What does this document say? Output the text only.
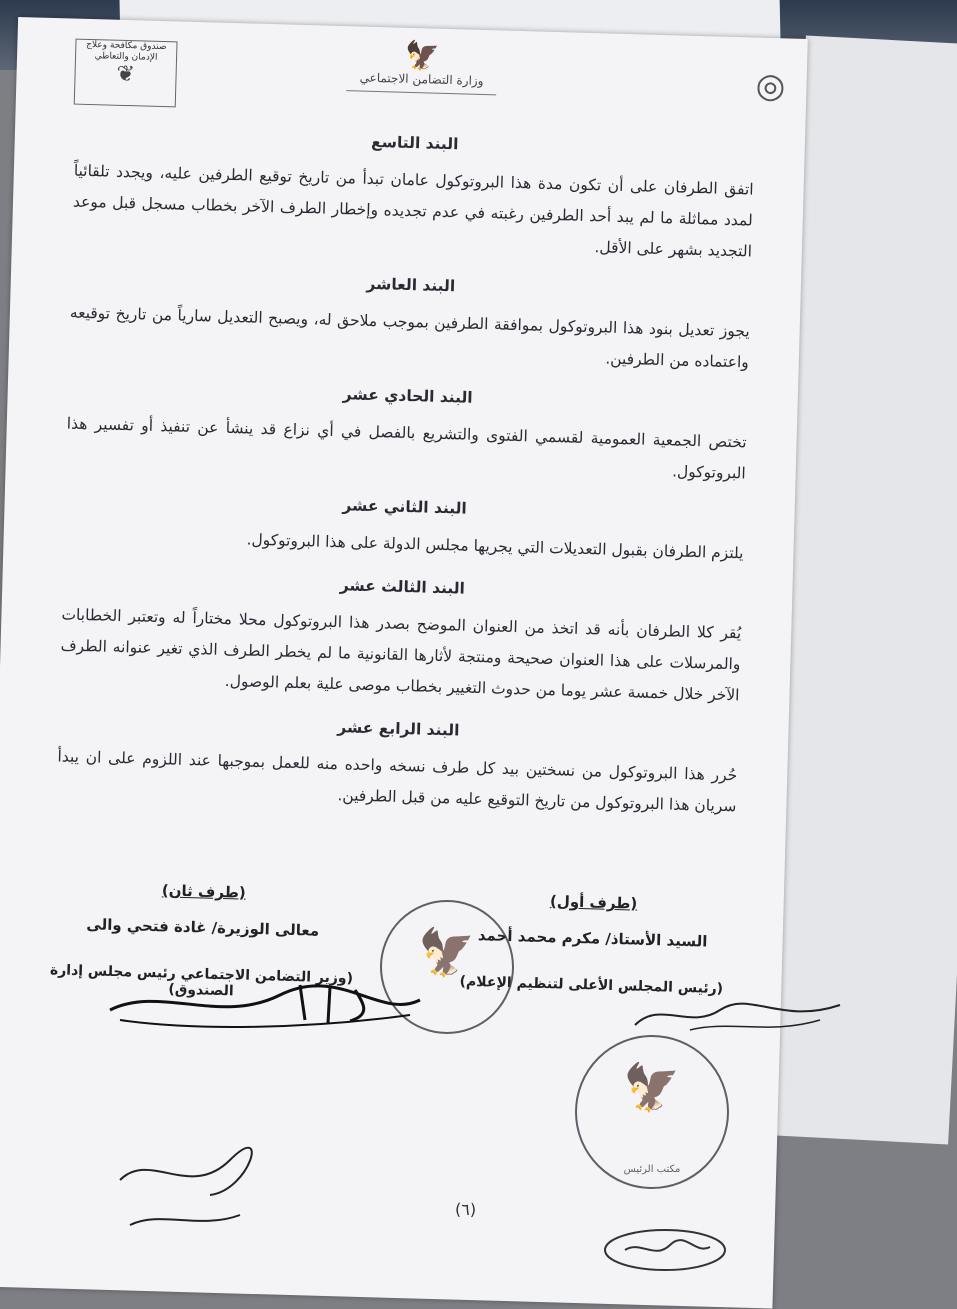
صندوق مكافحة وعلاج الإدمان والتعاطي
❦
🦅
وزارة التضامن الاجتماعي	◎
البند التاسع
اتفق الطرفان على أن تكون مدة هذا البروتوكول عامان تبدأ من تاريخ توقيع الطرفين عليه، ويجدد تلقائياً لمدد مماثلة ما لم يبد أحد الطرفين رغبته في عدم تجديده وإخطار الطرف الآخر بخطاب مسجل قبل موعد التجديد بشهر على الأقل.
البند العاشر
يجوز تعديل بنود هذا البروتوكول بموافقة الطرفين بموجب ملاحق له، ويصبح التعديل سارياً من تاريخ توقيعه واعتماده من الطرفين.
البند الحادي عشر
تختص الجمعية العمومية لقسمي الفتوى والتشريع بالفصل في أي نزاع قد ينشأ عن تنفيذ أو تفسير هذا البروتوكول.
البند الثاني عشر
يلتزم الطرفان بقبول التعديلات التي يجريها مجلس الدولة على هذا البروتوكول.
البند الثالث عشر
يُقر كلا الطرفان بأنه قد اتخذ من العنوان الموضح بصدر هذا البروتوكول محلا مختاراً له وتعتبر الخطابات والمرسلات على هذا العنوان صحيحة ومنتجة لأثارها القانونية ما لم يخطر الطرف الذي تغير عنوانه الطرف الآخر خلال خمسة عشر يوما من حدوث التغيير بخطاب موصى علية بعلم الوصول.
البند الرابع عشر
حُرر هذا البروتوكول من نسختين بيد كل طرف نسخه واحده منه للعمل بموجبها عند اللزوم على ان يبدأ سريان هذا البروتوكول من تاريخ التوقيع عليه من قبل الطرفين.
(طرف أول)
السيد الأستاذ/ مكرم محمد أحمد
(رئيس المجلس الأعلى لتنظيم الإعلام)
(طرف ثان)
معالى الوزيرة/ غادة فتحي والى
(وزير التضامن الاجتماعي رئيس مجلس إدارة الصندوق)
(٦)
🦅
🦅
مكتب الرئيس
